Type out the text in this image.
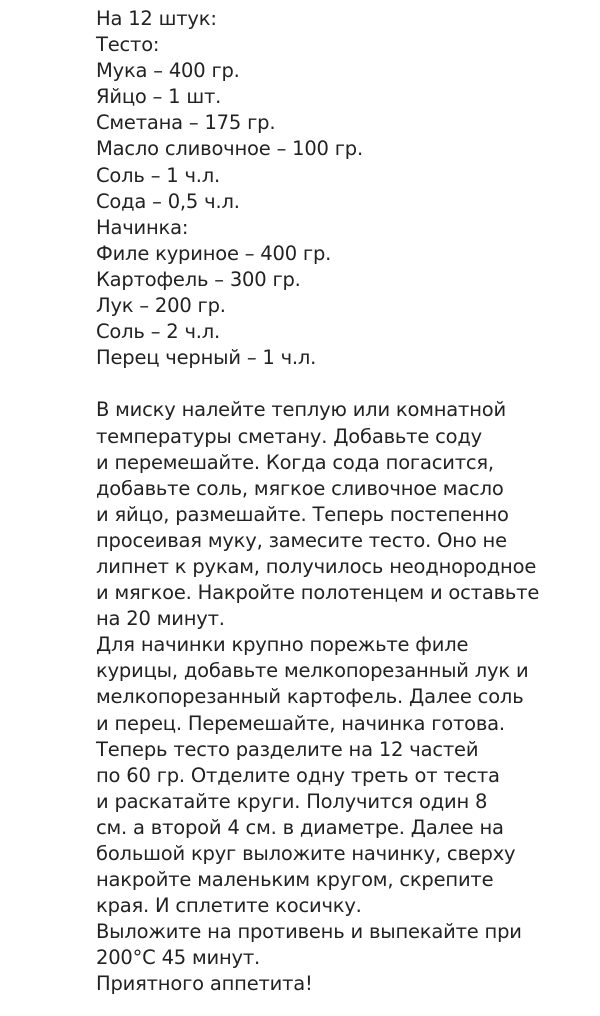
На 12 штук:
Тесто:
Мука – 400 гр.
Яйцо – 1 шт.
Сметана – 175 гр.
Масло сливочное – 100 гр.
Соль – 1 ч.л.
Сода – 0,5 ч.л.
Начинка:
Филе куриное – 400 гр.
Картофель – 300 гр.
Лук – 200 гр.
Соль – 2 ч.л.
Перец черный – 1 ч.л.
В миску налейте теплую или комнатной
температуры сметану. Добавьте соду
и перемешайте. Когда сода погасится,
добавьте соль, мягкое сливочное масло
и яйцо, размешайте. Теперь постепенно
просеивая муку, замесите тесто. Оно не
липнет к рукам, получилось неоднородное
и мягкое. Накройте полотенцем и оставьте
на 20 минут.
Для начинки крупно порежьте филе
курицы, добавьте мелкопорезанный лук и
мелкопорезанный картофель. Далее соль
и перец. Перемешайте, начинка готова.
Теперь тесто разделите на 12 частей
по 60 гр. Отделите одну треть от теста
и раскатайте круги. Получится один 8
см. а второй 4 см. в диаметре. Далее на
большой круг выложите начинку, сверху
накройте маленьким кругом, скрепите
края. И сплетите косичку.
Выложите на противень и выпекайте при
200°C 45 минут.
Приятного аппетита!
